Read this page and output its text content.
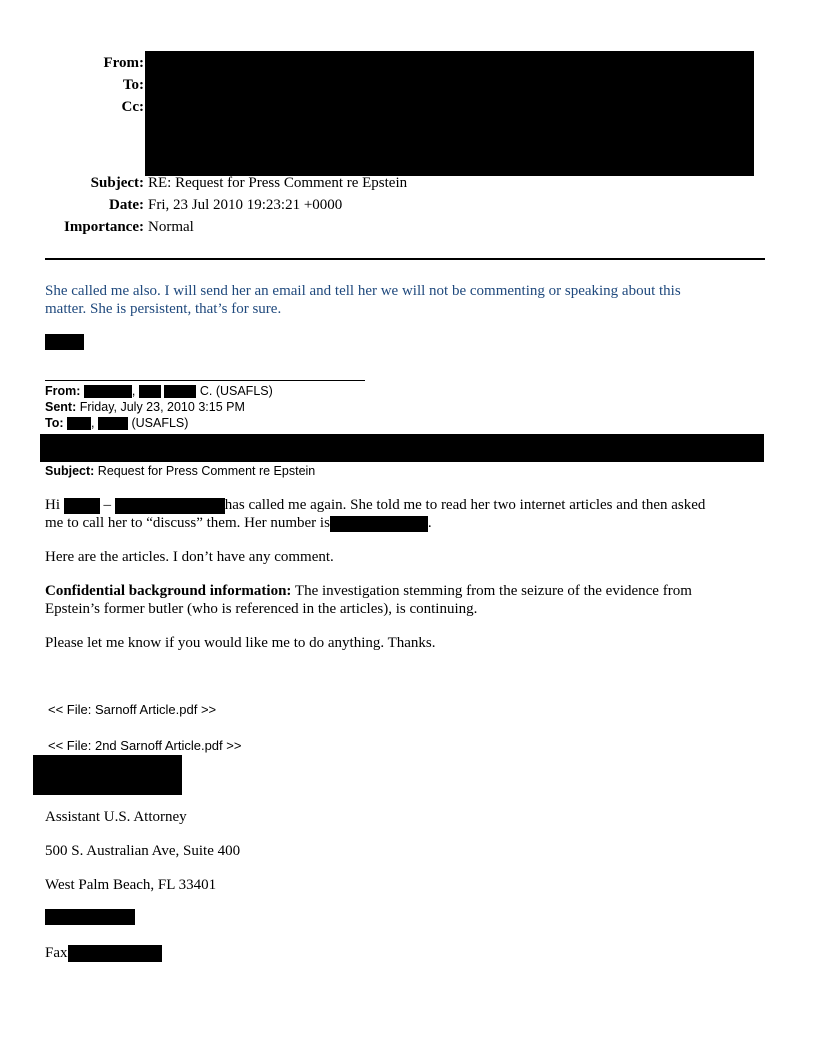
From:
To:
Cc:
Subject: RE: Request for Press Comment re Epstein
Date: Fri, 23 Jul 2010 19:23:21 +0000
Importance: Normal
She called me also. I will send her an email and tell her we will not be commenting or speaking about this
matter. She is persistent, that’s for sure.
From:	,	C. (USAFLS)
Sent: Friday, July 23, 2010 3:15 PM
To: ,	(USAFLS)
Subject: Request for Press Comment re Epstein
Hi	–	has called me again. She told me to read her two internet articles and then asked
me to call her to “discuss” them. Her number is	.
Here are the articles. I don’t have any comment.
Confidential background information: The investigation stemming from the seizure of the evidence from
Epstein’s former butler (who is referenced in the articles), is continuing.
Please let me know if you would like me to do anything. Thanks.
<< File: Sarnoff Article.pdf >>
<< File: 2nd Sarnoff Article.pdf >>
Assistant U.S. Attorney
500 S. Australian Ave, Suite 400
West Palm Beach, FL 33401
Fax
